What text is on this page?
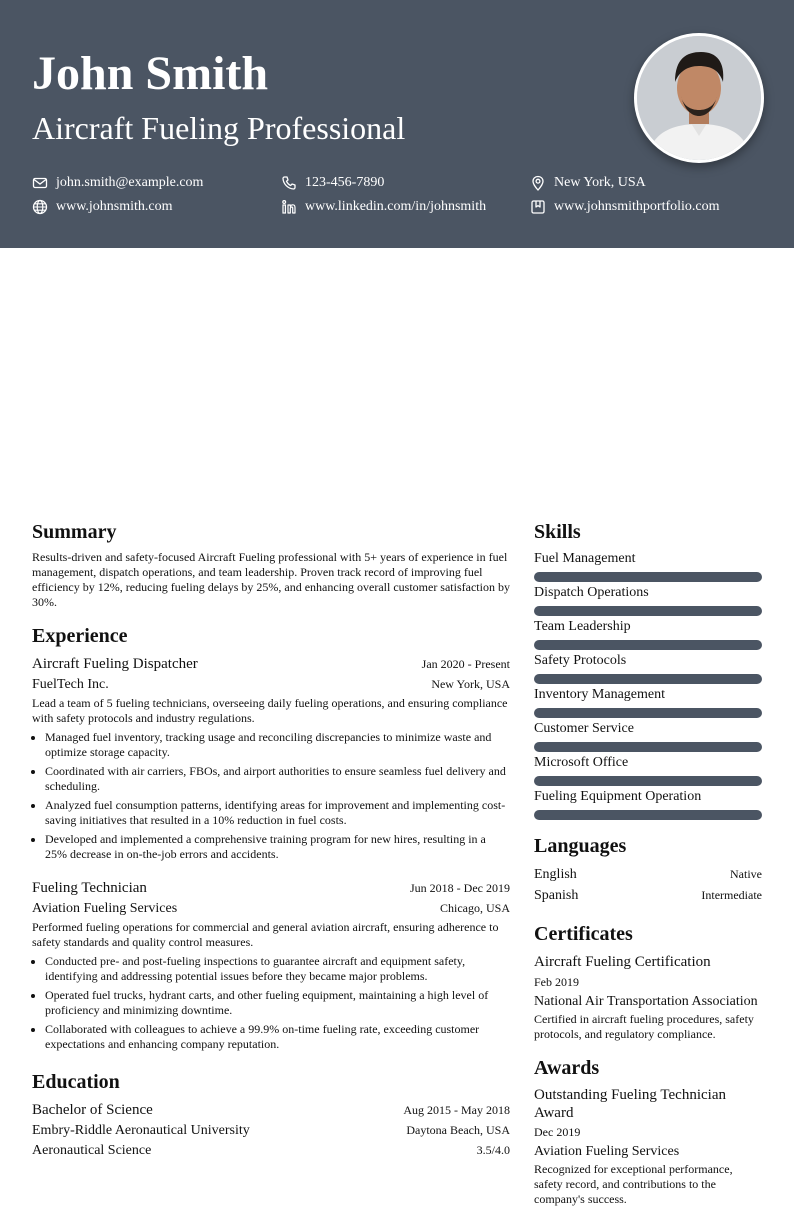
John Smith

Aircraft Fueling Professional

john.smith@example.com	123-456-7890	New York, USA
www.johnsmith.com	www.linkedin.com/in/johnsmith	www.johnsmithportfolio.com
Summary

Results-driven and safety-focused Aircraft Fueling professional with 5+ years of experience in fuel management, dispatch operations, and team leadership. Proven track record of improving fuel efficiency by 12%, reducing fueling delays by 25%, and enhancing overall customer satisfaction by 30%.

Experience
Aircraft Fueling Dispatcher	Jan 2020 - Present
FuelTech Inc.	New York, USA

Lead a team of 5 fueling technicians, overseeing daily fueling operations, and ensuring compliance with safety protocols and industry regulations.

• Managed fuel inventory, tracking usage and reconciling discrepancies to minimize waste and optimize storage capacity.
• Coordinated with air carriers, FBOs, and airport authorities to ensure seamless fuel delivery and scheduling.
• Analyzed fuel consumption patterns, identifying areas for improvement and implementing cost-saving initiatives that resulted in a 10% reduction in fuel costs.
• Developed and implemented a comprehensive training program for new hires, resulting in a 25% decrease in on-the-job errors and accidents.
Fueling Technician	Jun 2018 - Dec 2019
Aviation Fueling Services	Chicago, USA

Performed fueling operations for commercial and general aviation aircraft, ensuring adherence to safety standards and quality control measures.

• Conducted pre- and post-fueling inspections to guarantee aircraft and equipment safety, identifying and addressing potential issues before they became major problems.
• Operated fuel trucks, hydrant carts, and other fueling equipment, maintaining a high level of proficiency and minimizing downtime.
• Collaborated with colleagues to achieve a 99.9% on-time fueling rate, exceeding customer expectations and enhancing company reputation.
Education
Bachelor of Science	Aug 2015 - May 2018
Embry-Riddle Aeronautical University	Daytona Beach, USA
Aeronautical Science	3.5/4.0
Skills
Fuel Management
Dispatch Operations
Team Leadership
Safety Protocols
Inventory Management
Customer Service
Microsoft Office
Fueling Equipment Operation
Languages
English	Native
Spanish	Intermediate
Certificates
Aircraft Fueling Certification
Feb 2019
National Air Transportation Association

Certified in aircraft fueling procedures, safety protocols, and regulatory compliance.

Awards
Outstanding Fueling Technician Award
Dec 2019
Aviation Fueling Services

Recognized for exceptional performance, safety record, and contributions to the company's success.
